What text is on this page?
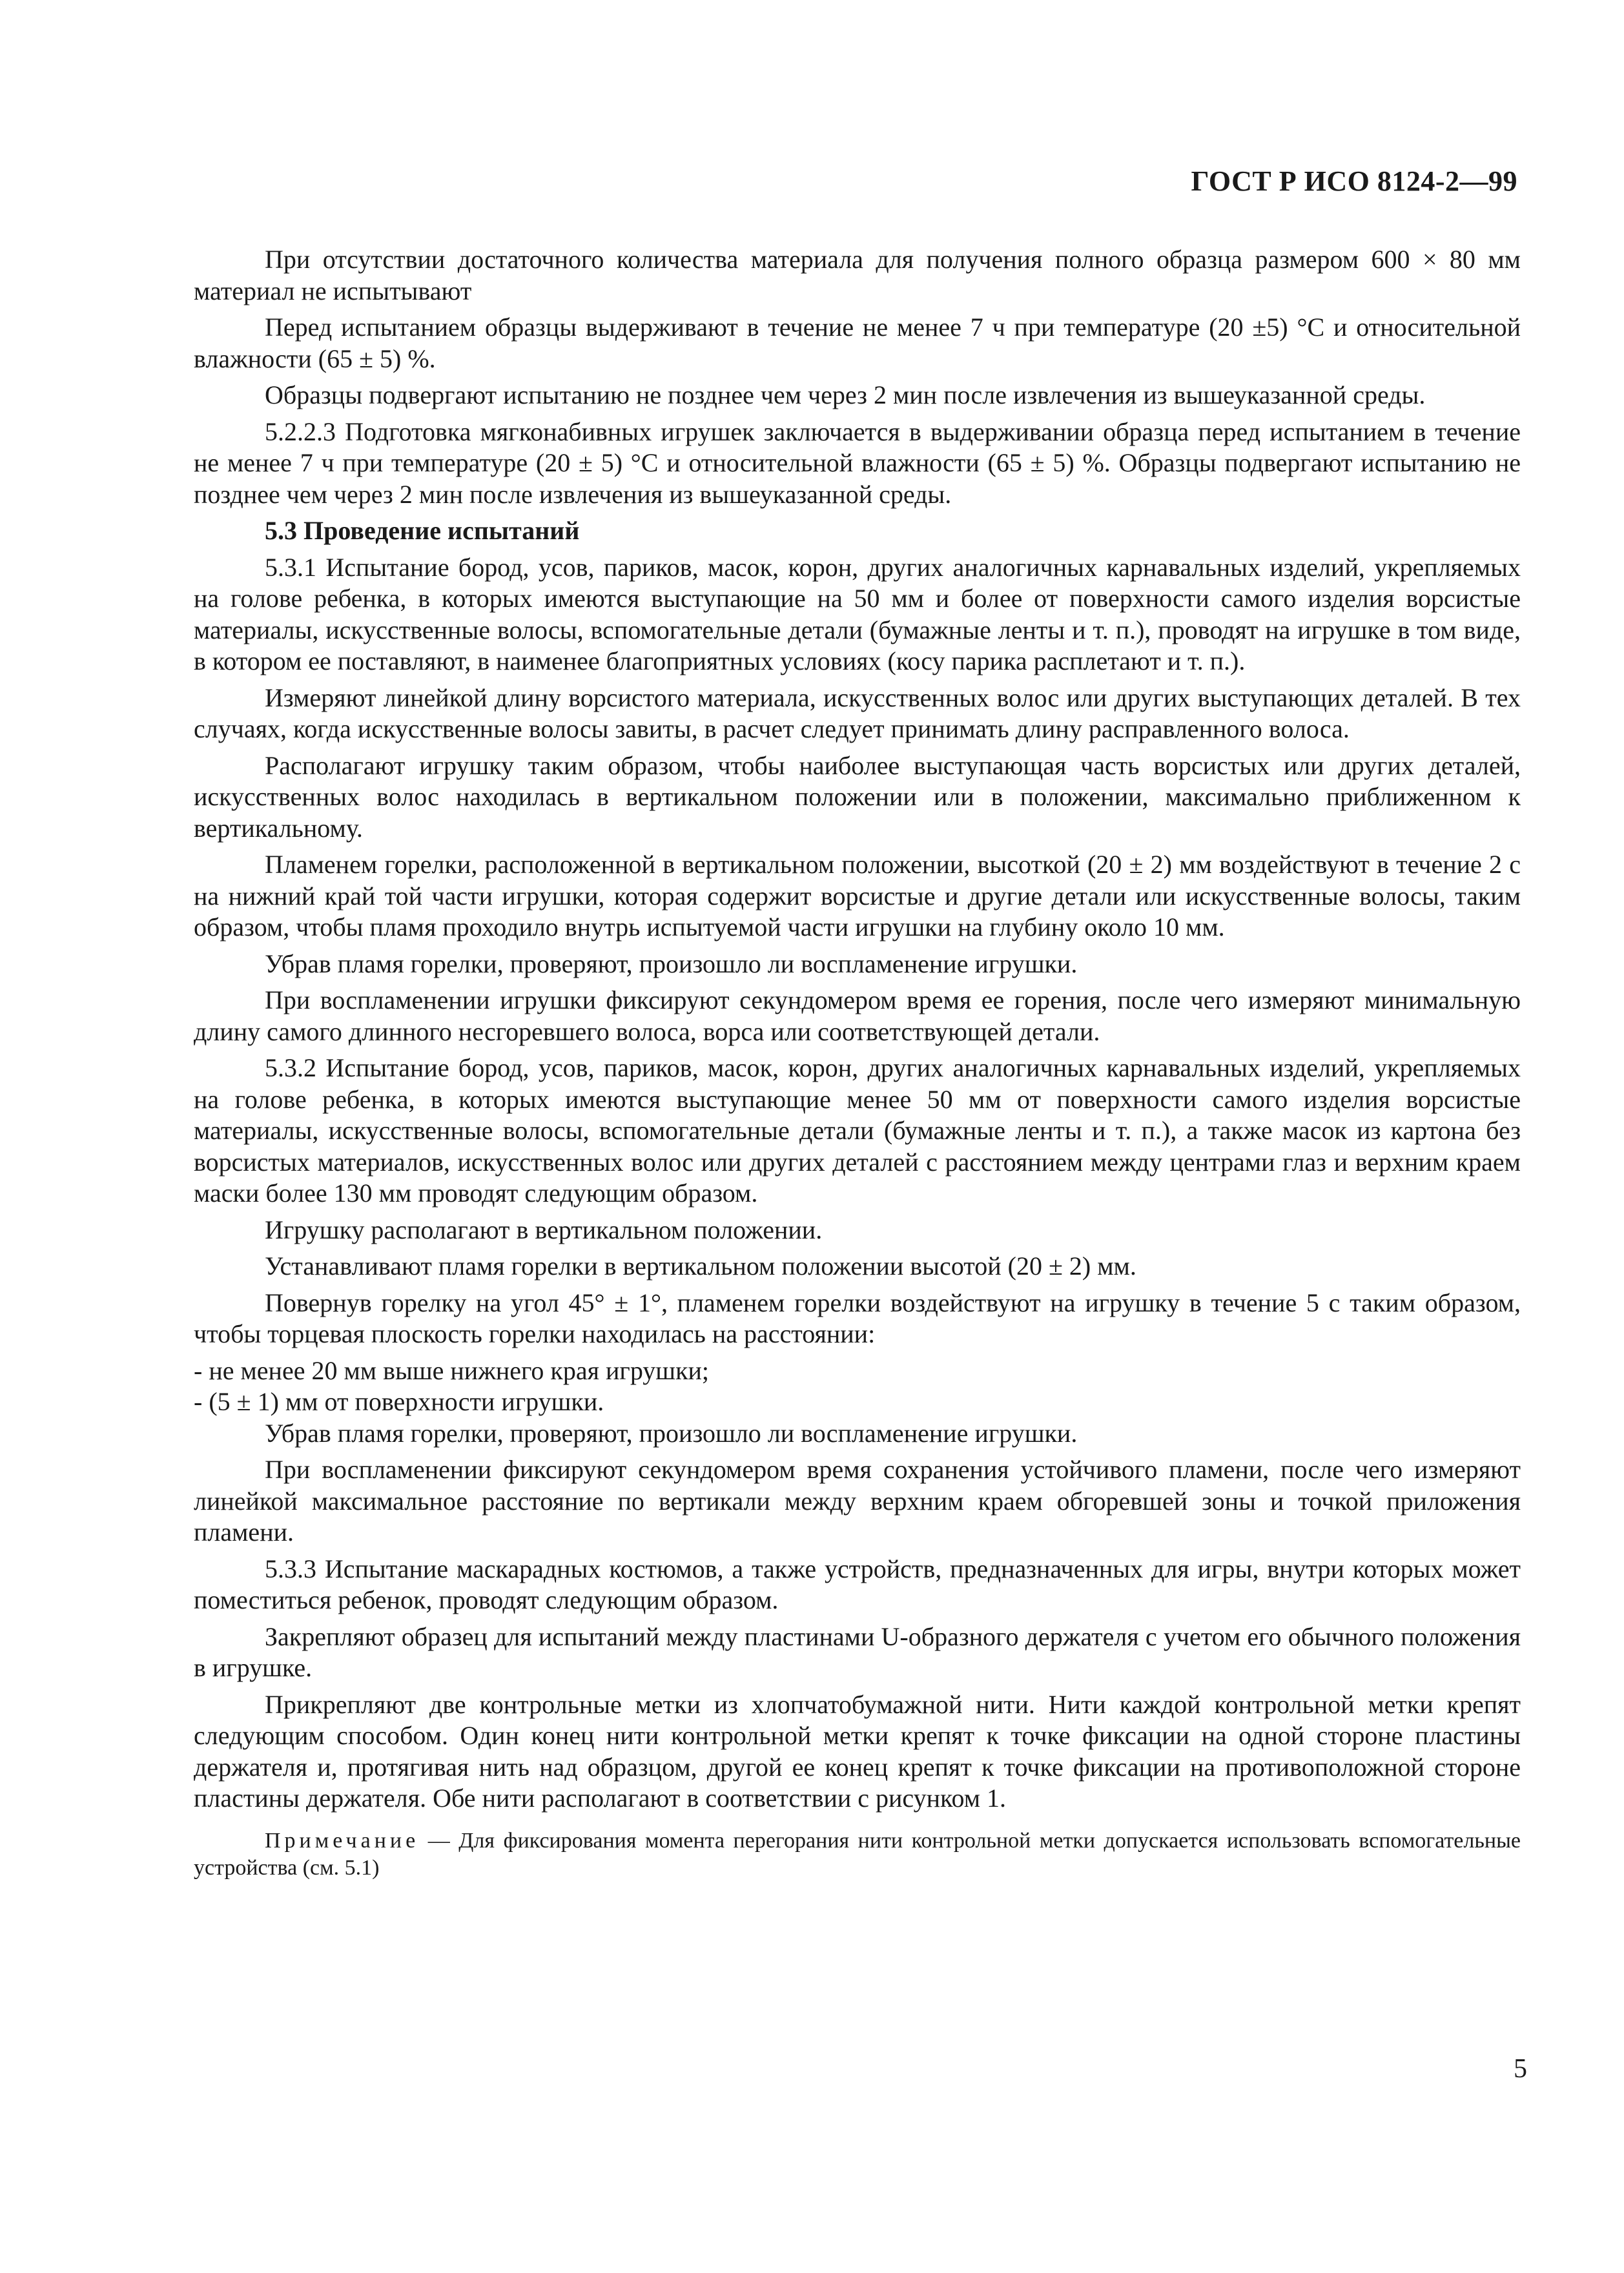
ГОСТ Р ИСО 8124-2—99

При отсутствии достаточного количества материала для получения полного образца размером 600 × 80 мм материал не испытывают

Перед испытанием образцы выдерживают в течение не менее 7 ч при температуре (20 ±5) °С и относительной влажности (65 ± 5) %.

Образцы подвергают испытанию не позднее чем через 2 мин после извлечения из вышеуказанной среды.

5.2.2.3 Подготовка мягконабивных игрушек заключается в выдерживании образца перед испытанием в течение не менее 7 ч при температуре (20 ± 5) °С и относительной влажности (65 ± 5) %. Образцы подвергают испытанию не позднее чем через 2 мин после извлечения из вышеуказанной среды.

5.3 Проведение испытаний

5.3.1 Испытание бород, усов, париков, масок, корон, других аналогичных карнавальных изделий, укрепляемых на голове ребенка, в которых имеются выступающие на 50 мм и более от поверхности самого изделия ворсистые материалы, искусственные волосы, вспомогательные детали (бумажные ленты и т. п.), проводят на игрушке в том виде, в котором ее поставляют, в наименее благоприятных условиях (косу парика расплетают и т. п.).

Измеряют линейкой длину ворсистого материала, искусственных волос или других выступающих деталей. В тех случаях, когда искусственные волосы завиты, в расчет следует принимать длину расправленного волоса.

Располагают игрушку таким образом, чтобы наиболее выступающая часть ворсистых или других деталей, искусственных волос находилась в вертикальном положении или в положении, максимально приближенном к вертикальному.

Пламенем горелки, расположенной в вертикальном положении, высоткой (20 ± 2) мм воздействуют в течение 2 с на нижний край той части игрушки, которая содержит ворсистые и другие детали или искусственные волосы, таким образом, чтобы пламя проходило внутрь испытуемой части игрушки на глубину около 10 мм.

Убрав пламя горелки, проверяют, произошло ли воспламенение игрушки.

При воспламенении игрушки фиксируют секундомером время ее горения, после чего измеряют минимальную длину самого длинного несгоревшего волоса, ворса или соответствующей детали.

5.3.2 Испытание бород, усов, париков, масок, корон, других аналогичных карнавальных изделий, укрепляемых на голове ребенка, в которых имеются выступающие менее 50 мм от поверхности самого изделия ворсистые материалы, искусственные волосы, вспомогательные детали (бумажные ленты и т. п.), а также масок из картона без ворсистых материалов, искусственных волос или других деталей с расстоянием между центрами глаз и верхним краем маски более 130 мм проводят следующим образом.

Игрушку располагают в вертикальном положении.

Устанавливают пламя горелки в вертикальном положении высотой (20 ± 2) мм.

Повернув горелку на угол 45° ± 1°, пламенем горелки воздействуют на игрушку в течение 5 с таким образом, чтобы торцевая плоскость горелки находилась на расстоянии:

- не менее 20 мм выше нижнего края игрушки;

- (5 ± 1) мм от поверхности игрушки.

Убрав пламя горелки, проверяют, произошло ли воспламенение игрушки.

При воспламенении фиксируют секундомером время сохранения устойчивого пламени, после чего измеряют линейкой максимальное расстояние по вертикали между верхним краем обгоревшей зоны и точкой приложения пламени.

5.3.3 Испытание маскарадных костюмов, а также устройств, предназначенных для игры, внутри которых может поместиться ребенок, проводят следующим образом.

Закрепляют образец для испытаний между пластинами U-образного держателя с учетом его обычного положения в игрушке.

Прикрепляют две контрольные метки из хлопчатобумажной нити. Нити каждой контрольной метки крепят следующим способом. Один конец нити контрольной метки крепят к точке фиксации на одной стороне пластины держателя и, протягивая нить над образцом, другой ее конец крепят к точке фиксации на противоположной стороне пластины держателя. Обе нити располагают в соответствии с рисунком 1.

Примечание — Для фиксирования момента перегорания нити контрольной метки допускается использовать вспомогательные устройства (см. 5.1)

5
